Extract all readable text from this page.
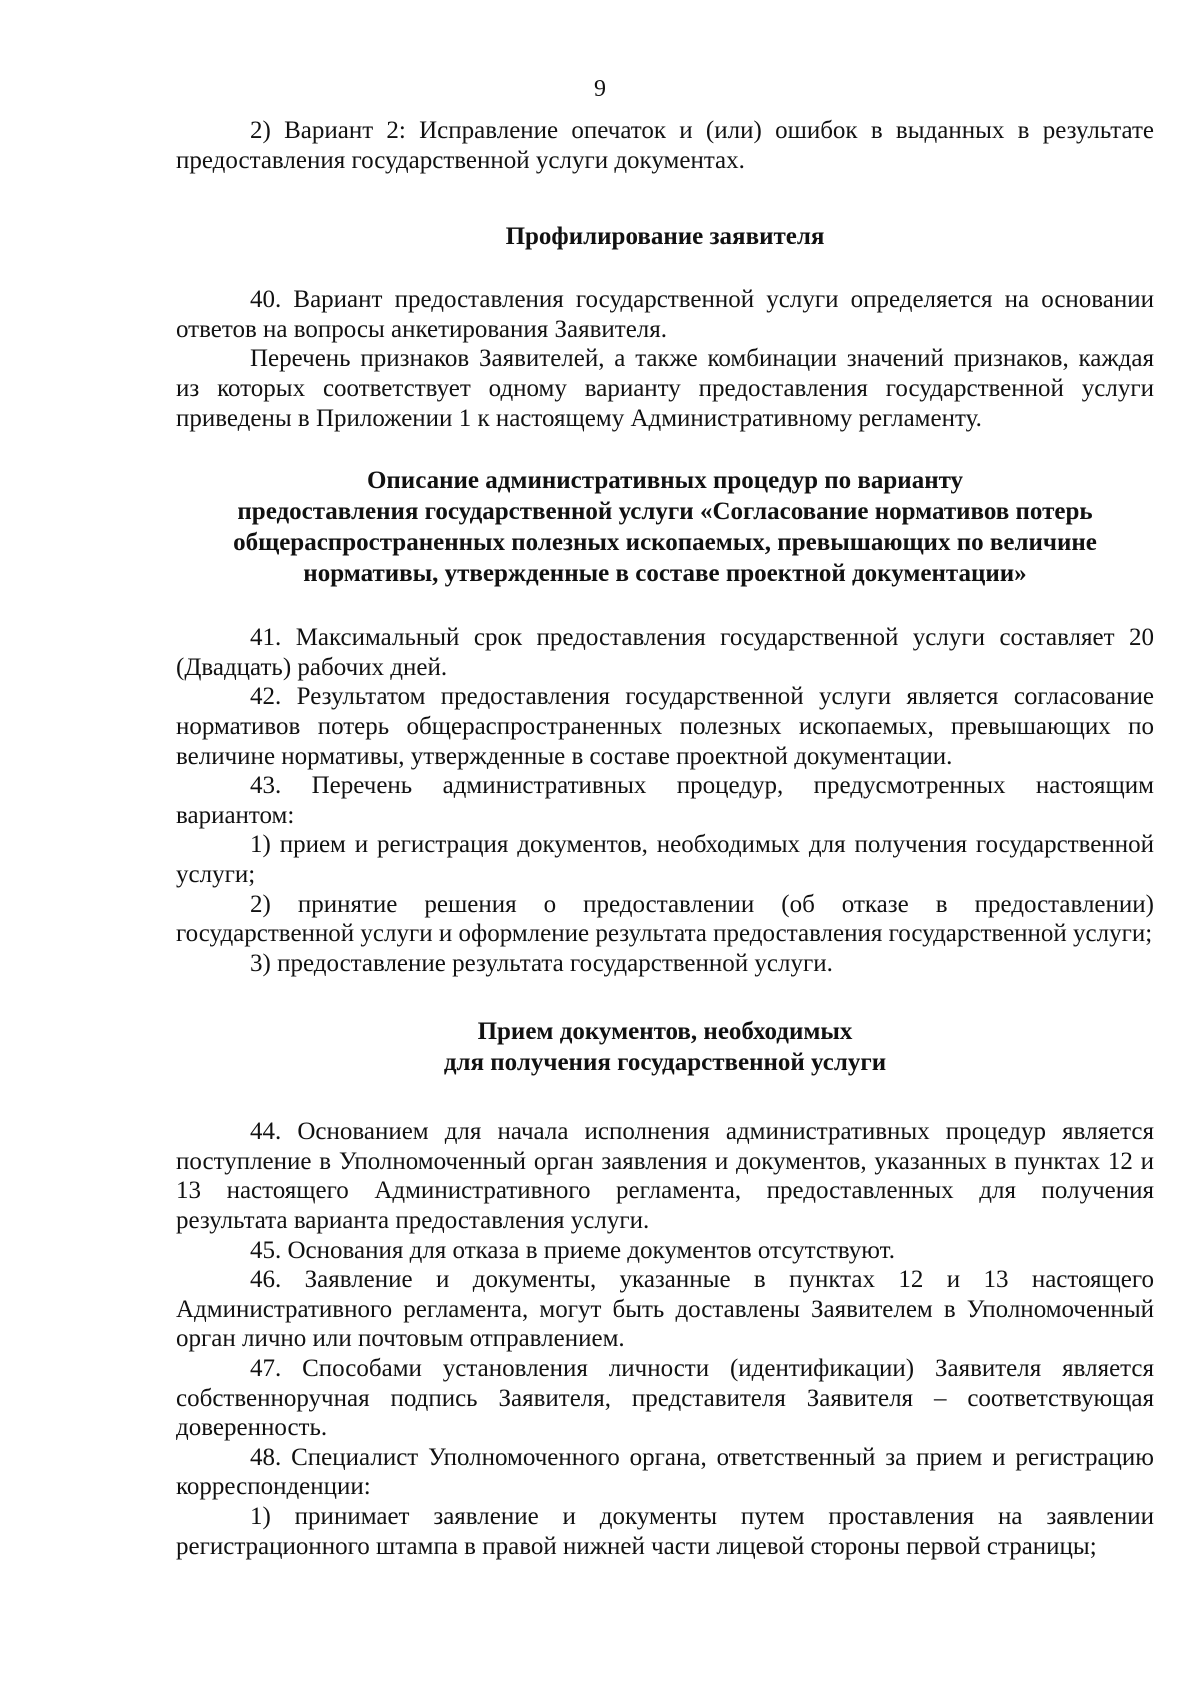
9

2) Вариант 2: Исправление опечаток и (или) ошибок в выданных в результате предоставления государственной услуги документах.

Профилирование заявителя

40. Вариант предоставления государственной услуги определяется на основании ответов на вопросы анкетирования Заявителя.

Перечень признаков Заявителей, а также комбинации значений признаков, каждая из которых соответствует одному варианту предоставления государственной услуги приведены в Приложении 1 к настоящему Административному регламенту.

Описание административных процедур по варианту
предоставления государственной услуги «Согласование нормативов потерь
общераспространенных полезных ископаемых, превышающих по величине
нормативы, утвержденные в составе проектной документации»

41. Максимальный срок предоставления государственной услуги составляет 20 (Двадцать) рабочих дней.

42. Результатом предоставления государственной услуги является согласование нормативов потерь общераспространенных полезных ископаемых, превышающих по величине нормативы, утвержденные в составе проектной документации.

43. Перечень административных процедур, предусмотренных настоящим вариантом:

1) прием и регистрация документов, необходимых для получения государственной услуги;

2) принятие решения о предоставлении (об отказе в предоставлении) государственной услуги и оформление результата предоставления государственной услуги;

3) предоставление результата государственной услуги.

Прием документов, необходимых
для получения государственной услуги

44. Основанием для начала исполнения административных процедур является поступление в Уполномоченный орган заявления и документов, указанных в пунктах 12 и 13 настоящего Административного регламента, предоставленных для получения результата варианта предоставления услуги.

45. Основания для отказа в приеме документов отсутствуют.

46. Заявление и документы, указанные в пунктах 12 и 13 настоящего Административного регламента, могут быть доставлены Заявителем в Уполномоченный орган лично или почтовым отправлением.

47. Способами установления личности (идентификации) Заявителя является собственноручная подпись Заявителя, представителя Заявителя – соответствующая доверенность.

48. Специалист Уполномоченного органа, ответственный за прием и регистрацию корреспонденции:

1) принимает заявление и документы путем проставления на заявлении регистрационного штампа в правой нижней части лицевой стороны первой страницы;
